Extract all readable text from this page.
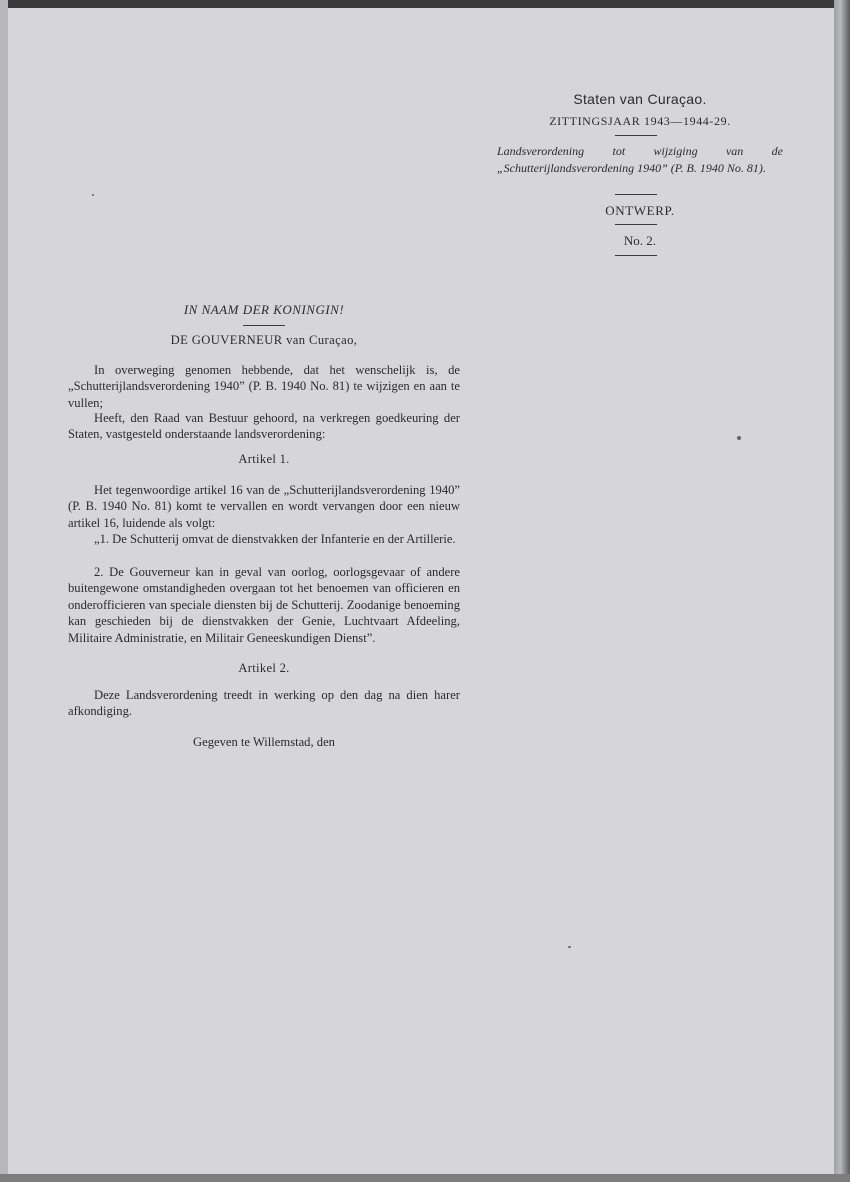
Staten van Curaçao.
ZITTINGSJAAR 1943—1944-29.
Landsverordening tot wijziging van de „Schutterijlandsverordening 1940” (P. B. 1940 No. 81).
ONTWERP.
No. 2.
IN NAAM DER KONINGIN!
DE GOUVERNEUR van Curaçao,

In overweging genomen hebbende, dat het wenschelijk is, de „Schutterijlandsverordening 1940” (P. B. 1940 No. 81) te wijzigen en aan te vullen;

Heeft, den Raad van Bestuur gehoord, na verkregen goedkeuring der Staten, vastgesteld onderstaande landsverordening:

Artikel 1.

Het tegenwoordige artikel 16 van de „Schutterijlandsverordening 1940” (P. B. 1940 No. 81) komt te vervallen en wordt vervangen door een nieuw artikel 16, luidende als volgt:

„1. De Schutterij omvat de dienstvakken der Infanterie en der Artillerie.

2. De Gouverneur kan in geval van oorlog, oorlogsgevaar of andere buitengewone omstandigheden overgaan tot het benoemen van officieren en onderofficieren van speciale diensten bij de Schutterij. Zoodanige benoeming kan geschieden bij de dienstvakken der Genie, Luchtvaart Afdeeling, Militaire Administratie, en Militair Geneeskundigen Dienst”.

Artikel 2.

Deze Landsverordening treedt in werking op den dag na dien harer afkondiging.

Gegeven te Willemstad, den
